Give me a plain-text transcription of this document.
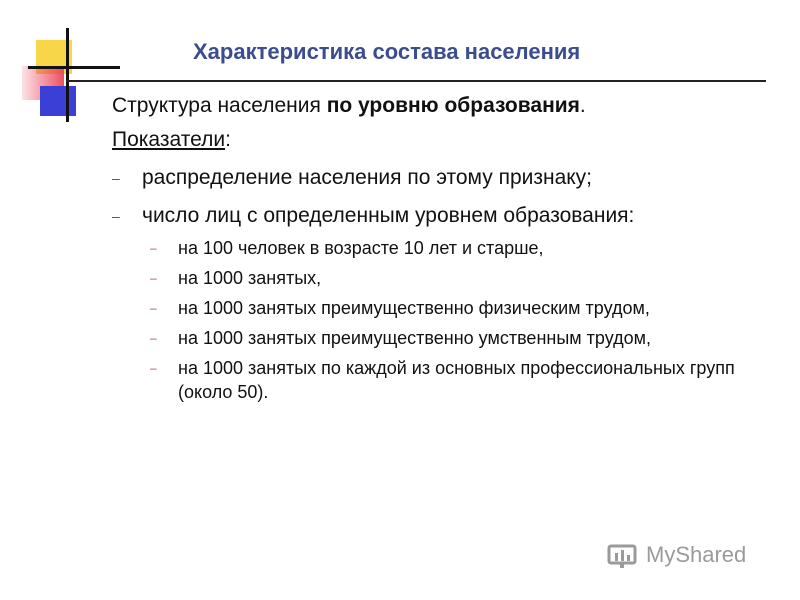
Характеристика состава населения

Структура населения по уровню образования.

Показатели:

– распределение населения по этому признаку;
– число лиц с определенным уровнем образования:
– на 100 человек в возрасте 10 лет и старше,
– на 1000 занятых,
– на 1000 занятых преимущественно физическим трудом,
– на 1000 занятых преимущественно умственным трудом,
– на 1000 занятых по каждой из основных профессиональных групп (около 50).
MyShared
